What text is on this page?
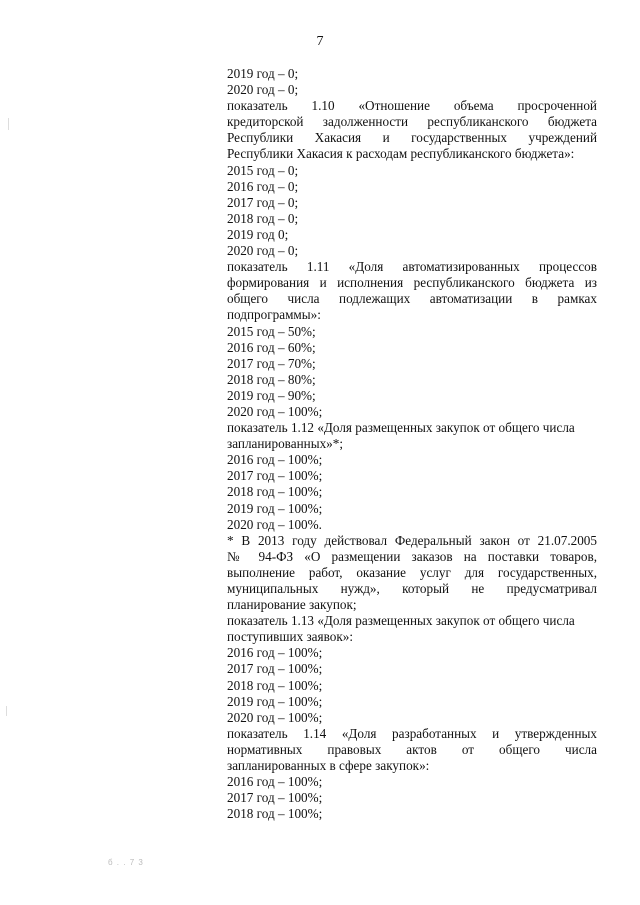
7
2019 год – 0;
2020 год – 0;
показатель 1.10 «Отношение объема просроченной
кредиторской задолженности республиканского бюджета
Республики Хакасия и государственных учреждений
Республики Хакасия к расходам республиканского бюджета»:
2015 год – 0;
2016 год – 0;
2017 год – 0;
2018 год – 0;
2019 год 0;
2020 год – 0;
показатель 1.11 «Доля автоматизированных процессов
формирования и исполнения республиканского бюджета из
общего числа подлежащих автоматизации в рамках
подпрограммы»:
2015 год – 50%;
2016 год – 60%;
2017 год – 70%;
2018 год – 80%;
2019 год – 90%;
2020 год – 100%;
показатель 1.12 «Доля размещенных закупок от общего числа
запланированных»*;
2016 год – 100%;
2017 год – 100%;
2018 год – 100%;
2019 год – 100%;
2020 год – 100%.
* В 2013 году действовал Федеральный закон от 21.07.2005
№ 94-ФЗ «О размещении заказов на поставки товаров,
выполнение работ, оказание услуг для государственных,
муниципальных нужд», который не предусматривал
планирование закупок;
показатель 1.13 «Доля размещенных закупок от общего числа
поступивших заявок»:
2016 год – 100%;
2017 год – 100%;
2018 год – 100%;
2019 год – 100%;
2020 год – 100%;
показатель 1.14 «Доля разработанных и утвержденных
нормативных правовых актов от общего числа
запланированных в сфере закупок»:
2016 год – 100%;
2017 год – 100%;
2018 год – 100%;
б . . 7 3
